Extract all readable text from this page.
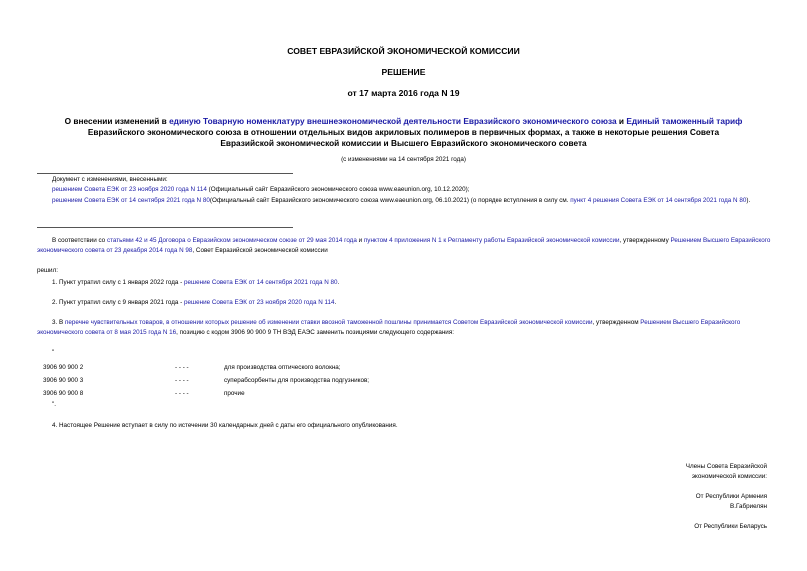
СОВЕТ ЕВРАЗИЙСКОЙ ЭКОНОМИЧЕСКОЙ КОМИССИИ
РЕШЕНИЕ
от 17 марта 2016 года N 19
О внесении изменений в единую Товарную номенклатуру внешнеэкономической деятельности Евразийского экономического союза и Единый таможенный тариф
Евразийского экономического союза в отношении отдельных видов акриловых полимеров в первичных формах, а также в некоторые решения Совета
Евразийской экономической комиссии и Высшего Евразийского экономического совета
(с изменениями на 14 сентября 2021 года)
Документ с изменениями, внесенными:
решением Совета ЕЭК от 23 ноября 2020 года N 114 (Официальный сайт Евразийского экономического союза www.eaeunion.org, 10.12.2020);
решением Совета ЕЭК от 14 сентября 2021 года N 80(Официальный сайт Евразийского экономического союза www.eaeunion.org, 06.10.2021) (о порядке вступления в силу см. пункт 4 решения Совета ЕЭК от 14 сентября 2021 года N 80).
В соответствии со статьями 42 и 45 Договора о Евразийском экономическом союзе от 29 мая 2014 года и пунктом 4 приложения N 1 к Регламенту работы Евразийской экономической комиссии, утвержденному Решением Высшего Евразийского экономического совета от 23 декабря 2014 года N 98, Совет Евразийской экономической комиссии
решил:
1. Пункт утратил силу с 1 января 2022 года - решение Совета ЕЭК от 14 сентября 2021 года N 80.
2. Пункт утратил силу с 9 января 2021 года - решение Совета ЕЭК от 23 ноября 2020 года N 114.
3. В перечне чувствительных товаров, в отношении которых решение об изменении ставки ввозной таможенной пошлины принимается Советом Евразийской экономической комиссии, утвержденном Решением Высшего Евразийского экономического совета от 8 мая 2015 года N 16, позицию с кодом 3906 90 900 9 ТН ВЭД ЕАЭС заменить позициями следующего содержания:
"
3906 90 900 2	- - - -	для производства оптического волокна;
3906 90 900 3	- - - -	суперабсорбенты для производства подгузников;
3906 90 900 8	- - - -	прочие
".
4. Настоящее Решение вступает в силу по истечении 30 календарных дней с даты его официального опубликования.
Члены Совета Евразийской
экономической комиссии:
От Республики Армения
В.Габриелян
От Республики Беларусь
